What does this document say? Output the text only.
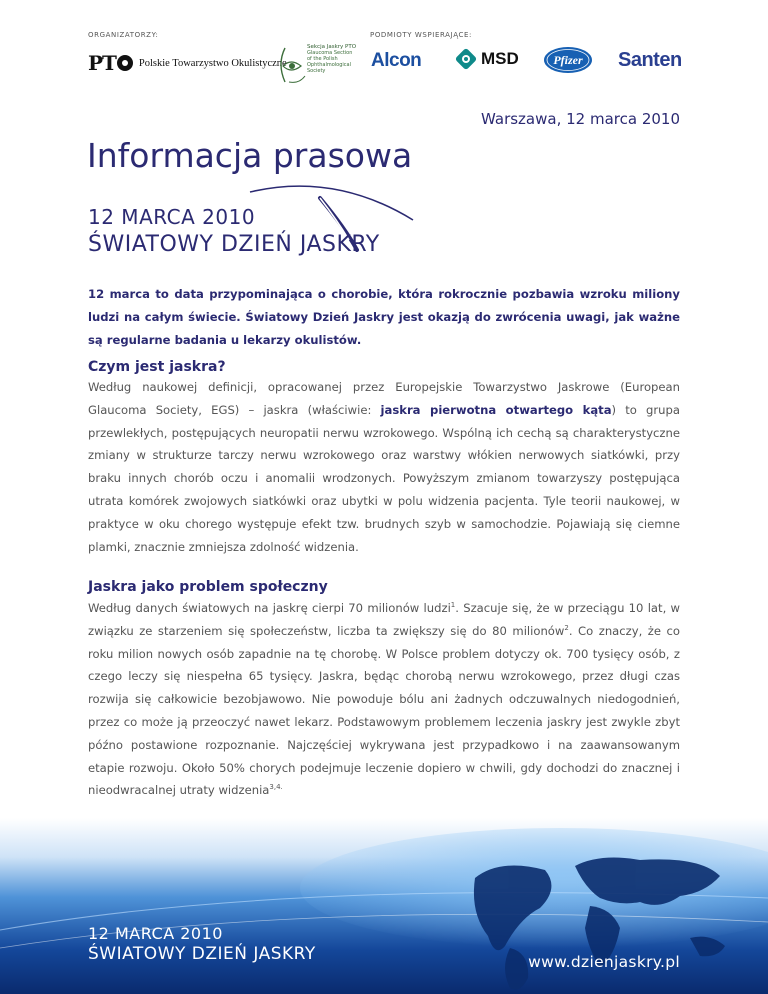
ORGANIZATORZY:	PODMIOTY WSPIERAJĄCE:
PT Polskie Towarzystwo Okulistyczne
Sekcja Jaskry PTO
Glaucoma Section
of the Polish
Ophthalmological
Society	Alcon	MSD	Pfizer Santen
Warszawa, 12 marca 2010
Informacja prasowa
12 MARCA 2010
ŚWIATOWY DZIEŃ JASKRY

12 marca to data przypominająca o chorobie, która rokrocznie pozbawia wzroku miliony ludzi na całym świecie. Światowy Dzień Jaskry jest okazją do zwrócenia uwagi, jak ważne są regularne badania u lekarzy okulistów.

Czym jest jaskra?

Według naukowej definicji, opracowanej przez Europejskie Towarzystwo Jaskrowe (European Glaucoma Society, EGS) – jaskra (właściwie: jaskra pierwotna otwartego kąta) to grupa przewlekłych, postępujących neuropatii nerwu wzrokowego. Wspólną ich cechą są charakterystyczne zmiany w strukturze tarczy nerwu wzrokowego oraz warstwy włókien nerwowych siatkówki, przy braku innych chorób oczu i anomalii wrodzonych. Powyższym zmianom towarzyszy postępująca utrata komórek zwojowych siatkówki oraz ubytki w polu widzenia pacjenta. Tyle teorii naukowej, w praktyce w oku chorego występuje efekt tzw. brudnych szyb w samochodzie. Pojawiają się ciemne plamki, znacznie zmniejsza zdolność widzenia.

Jaskra jako problem społeczny

Według danych światowych na jaskrę cierpi 70 milionów ludzi$^1$. Szacuje się, że w przeciągu 10 lat, w związku ze starzeniem się społeczeństw, liczba ta zwiększy się do 80 milionów$^2$. Co znaczy, że co roku milion nowych osób zapadnie na tę chorobę. W Polsce problem dotyczy ok. 700 tysięcy osób, z czego leczy się niespełna 65 tysięcy. Jaskra, będąc chorobą nerwu wzrokowego, przez długi czas rozwija się całkowicie bezobjawowo. Nie powoduje bólu ani żadnych odczuwalnych niedogodnień, przez co może ją przeoczyć nawet lekarz. Podstawowym problemem leczenia jaskry jest zwykle zbyt późno postawione rozpoznanie. Najczęściej wykrywana jest przypadkowo i na zaawansowanym etapie rozwoju. Około 50% chorych podejmuje leczenie dopiero w chwili, gdy dochodzi do znacznej i nieodwracalnej utraty widzenia$^{3,4.}$

12 MARCA 2010
ŚWIATOWY DZIEŃ JASKRY	www.dzienjaskry.pl
